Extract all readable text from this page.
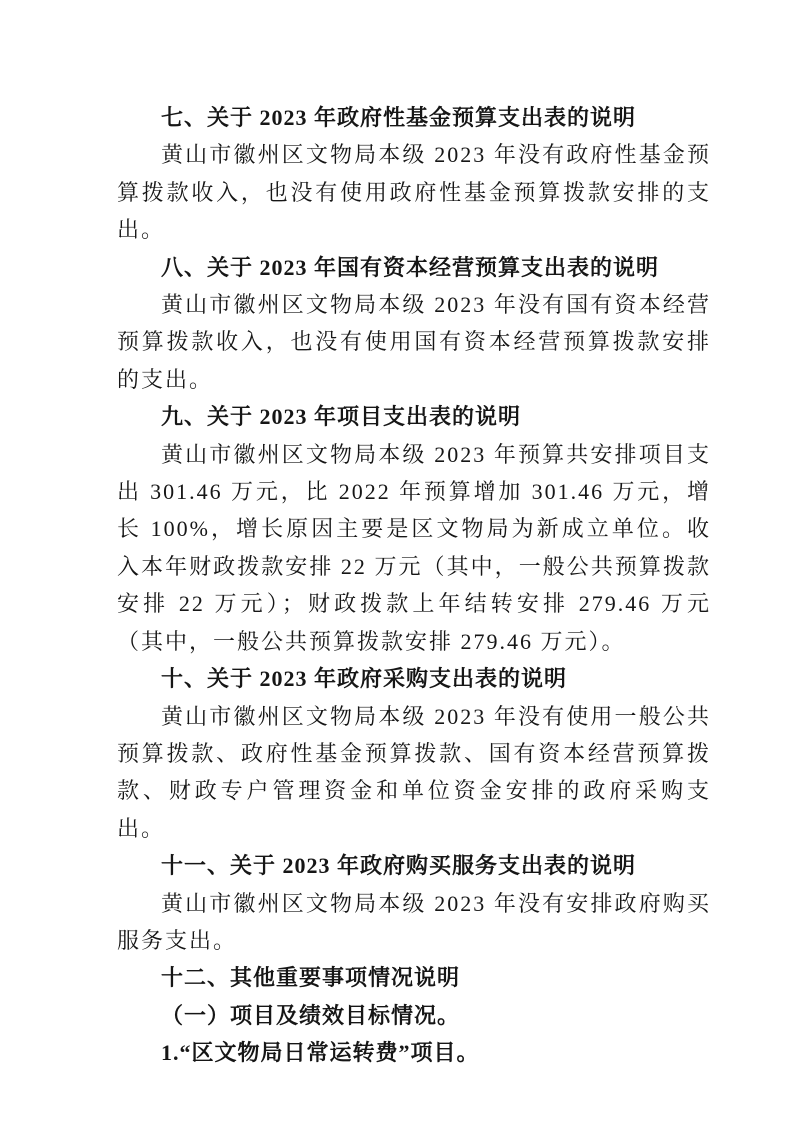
七、关于 2023 年政府性基金预算支出表的说明

黄山市徽州区文物局本级 2023 年没有政府性基金预算拨款收入，也没有使用政府性基金预算拨款安排的支出。

八、关于 2023 年国有资本经营预算支出表的说明

黄山市徽州区文物局本级 2023 年没有国有资本经营预算拨款收入，也没有使用国有资本经营预算拨款安排的支出。

九、关于 2023 年项目支出表的说明

黄山市徽州区文物局本级 2023 年预算共安排项目支出 301.46 万元，比 2022 年预算增加 301.46 万元，增长 100%，增长原因主要是区文物局为新成立单位。收入本年财政拨款安排 22 万元（其中，一般公共预算拨款安排 22 万元）；财政拨款上年结转安排 279.46 万元（其中，一般公共预算拨款安排 279.46 万元）。

十、关于 2023 年政府采购支出表的说明

黄山市徽州区文物局本级 2023 年没有使用一般公共预算拨款、政府性基金预算拨款、国有资本经营预算拨款、财政专户管理资金和单位资金安排的政府采购支出。

十一、关于 2023 年政府购买服务支出表的说明

黄山市徽州区文物局本级 2023 年没有安排政府购买服务支出。

十二、其他重要事项情况说明

（一）项目及绩效目标情况。

1.“区文物局日常运转费”项目。
